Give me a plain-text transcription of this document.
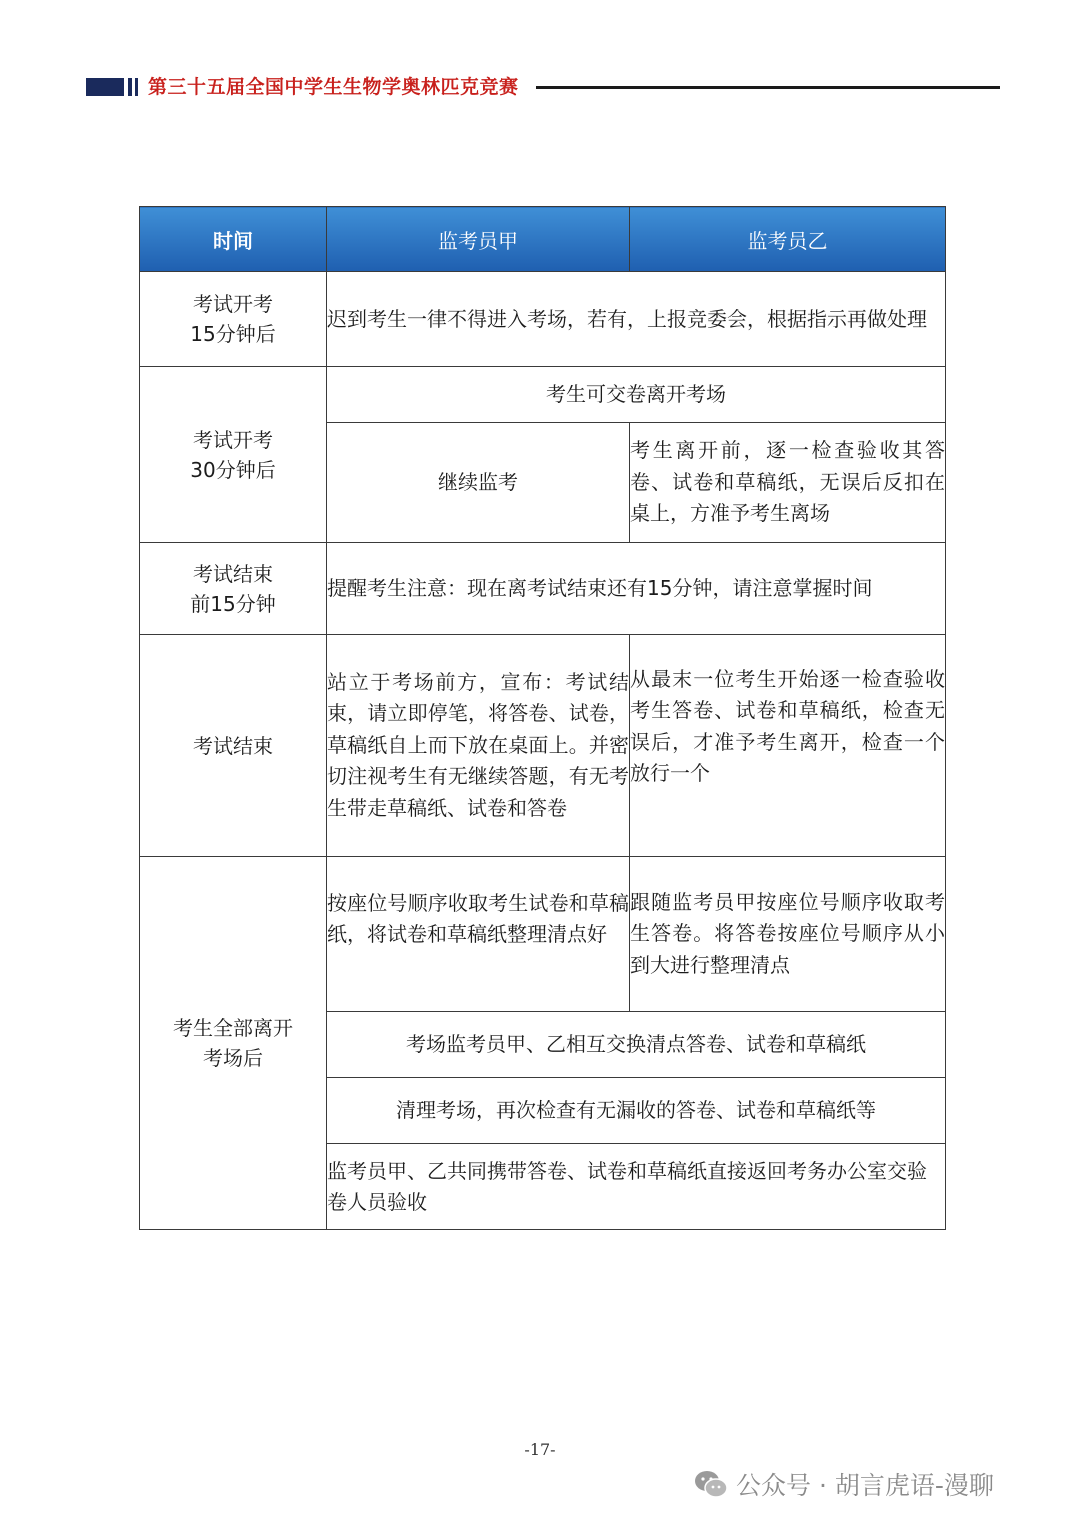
第三十五届全国中学生生物学奥林匹克竞赛
时间	监考员甲	监考员乙
考试开考
15分钟后	迟到考生一律不得进入考场，若有，上报竞委会，根据指示再做处理	
考试开考
30分钟后	考生可交卷离开考场	
	继续监考	考生离开前，逐一检查验收其答卷、试卷和草稿纸，无误后反扣在桌上，方准予考生离场
考试结束
前15分钟	提醒考生注意：现在离考试结束还有15分钟，请注意掌握时间	
考试结束	站立于考场前方，宣布：考试结束，请立即停笔，将答卷、试卷，草稿纸自上而下放在桌面上。并密切注视考生有无继续答题，有无考生带走草稿纸、试卷和答卷	从最末一位考生开始逐一检查验收考生答卷、试卷和草稿纸，检查无误后，才准予考生离开，检查一个放行一个
考生全部离开
考场后	按座位号顺序收取考生试卷和草稿纸，将试卷和草稿纸整理清点好	跟随监考员甲按座位号顺序收取考生答卷。将答卷按座位号顺序从小到大进行整理清点
	考场监考员甲、乙相互交换清点答卷、试卷和草稿纸	
	清理考场，再次检查有无漏收的答卷、试卷和草稿纸等	
	监考员甲、乙共同携带答卷、试卷和草稿纸直接返回考务办公室交验卷人员验收	
-17-
公众号 · 胡言虎语-漫聊
